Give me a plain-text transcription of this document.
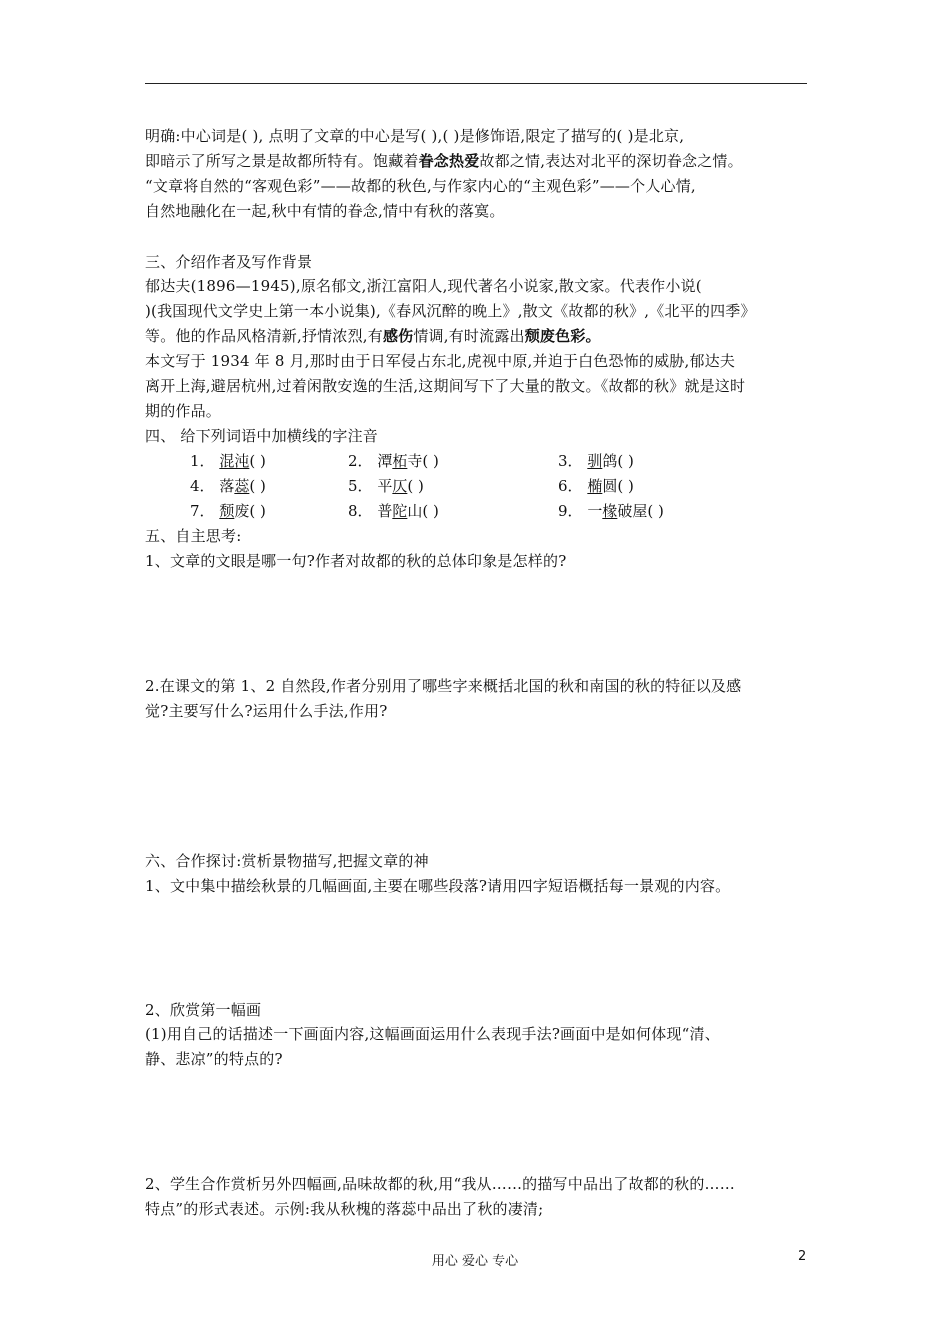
明确:中心词是( ), 点明了文章的中心是写( ),( )是修饰语,限定了描写的( )是北京,
即暗示了所写之景是故都所特有。饱藏着眷念热爱故都之情,表达对北平的深切眷念之情。
“文章将自然的“客观色彩”——故都的秋色,与作家内心的“主观色彩”——个人心情,
自然地融化在一起,秋中有情的眷念,情中有秋的落寞。
三、介绍作者及写作背景
郁达夫(1896—1945),原名郁文,浙江富阳人,现代著名小说家,散文家。代表作小说(
)(我国现代文学史上第一本小说集),《春风沉醉的晚上》,散文《故都的秋》,《北平的四季》
等。他的作品风格清新,抒情浓烈,有感伤情调,有时流露出颓废色彩。
本文写于 1934 年 8 月,那时由于日军侵占东北,虎视中原,并迫于白色恐怖的威胁,郁达夫
离开上海,避居杭州,过着闲散安逸的生活,这期间写下了大量的散文。《故都的秋》就是这时
期的作品。
四、 给下列词语中加横线的字注音
1． 混沌( )	2． 潭柘寺( )	3． 驯鸽( )
4． 落蕊( )	5． 平仄( )	6． 椭圆( )
7． 颓废( )	8． 普陀山( )	9． 一椽破屋( )
五、自主思考:
1、文章的文眼是哪一句?作者对故都的秋的总体印象是怎样的?
2.在课文的第 1、2 自然段,作者分别用了哪些字来概括北国的秋和南国的秋的特征以及感
觉?主要写什么?运用什么手法,作用?
六、合作探讨:赏析景物描写,把握文章的神
1、文中集中描绘秋景的几幅画面,主要在哪些段落?请用四字短语概括每一景观的内容。
2、欣赏第一幅画
(1)用自己的话描述一下画面内容,这幅画面运用什么表现手法?画面中是如何体现“清、
静、悲凉”的特点的?
2、学生合作赏析另外四幅画,品味故都的秋,用“我从……的描写中品出了故都的秋的……
特点”的形式表述。示例:我从秋槐的落蕊中品出了秋的凄清;
用心 爱心 专心	2
